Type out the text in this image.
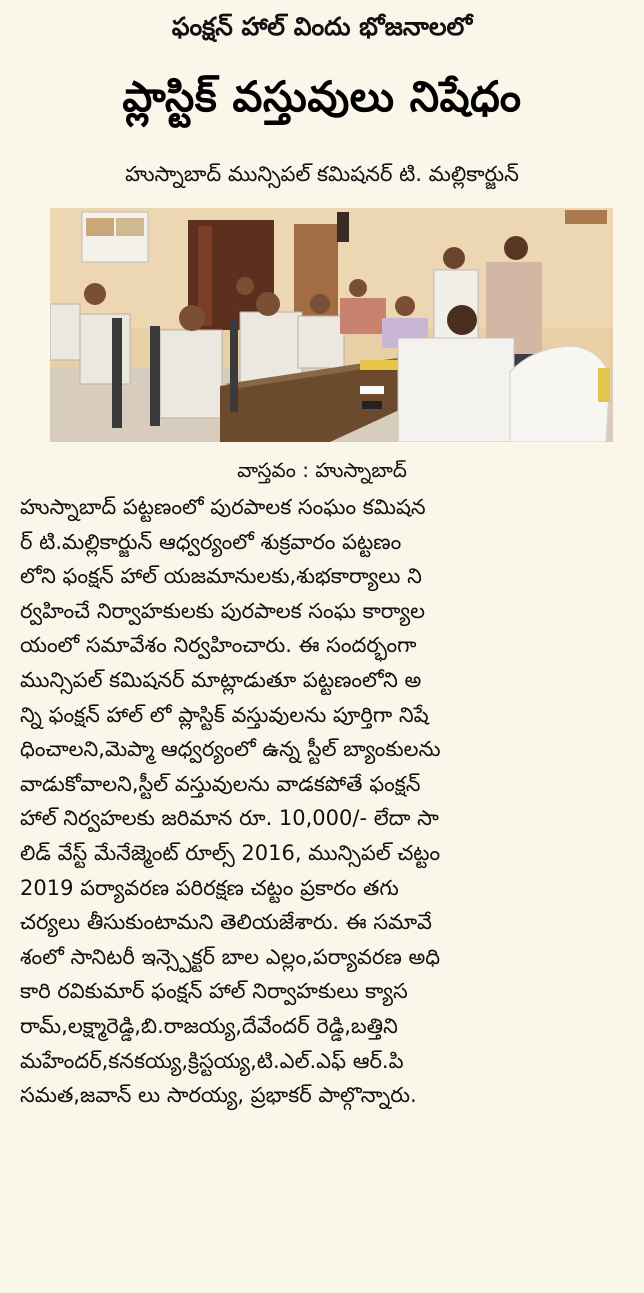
ఫంక్షన్ హాల్ విందు భోజనాలలో
ప్లాస్టిక్ వస్తువులు నిషేధం
హుస్నాబాద్ మున్సిపల్ కమిషనర్ టి. మల్లికార్జున్
వాస్తవం : హుస్నాబాద్
హుస్నాబాద్ పట్టణంలో పురపాలక సంఘం కమిషన
ర్ టి.మల్లికార్జున్ ఆధ్వర్యంలో శుక్రవారం పట్టణం
లోని ఫంక్షన్ హాల్ యజమానులకు,శుభకార్యాలు ని
ర్వహించే నిర్వాహకులకు పురపాలక సంఘ కార్యాల
యంలో సమావేశం నిర్వహించారు. ఈ సందర్భంగా
మున్సిపల్ కమిషనర్ మాట్లాడుతూ పట్టణంలోని అ
న్ని ఫంక్షన్ హాల్ లో ప్లాస్టిక్ వస్తువులను పూర్తిగా నిషే
ధించాలని,మెప్మా ఆధ్వర్యంలో ఉన్న స్టీల్ బ్యాంకులను
వాడుకోవాలని,స్టీల్ వస్తువులను వాడకపోతే ఫంక్షన్
హాల్ నిర్వహలకు జరిమాన రూ. 10,000/- లేదా సా
లిడ్ వేస్ట్ మేనేజ్మెంట్ రూల్స్ 2016, మున్సిపల్ చట్టం
2019 పర్యావరణ పరిరక్షణ చట్టం ప్రకారం తగు
చర్యలు తీసుకుంటామని తెలియజేశారు. ఈ సమావే
శంలో సానిటరీ ఇన్స్పెక్టర్ బాల ఎల్లం,పర్యావరణ అధి
కారి రవికుమార్ ఫంక్షన్ హాల్ నిర్వాహకులు క్యాస
రామ్,లక్ష్మారెడ్డి,బి.రాజయ్య,దేవేందర్ రెడ్డి,బత్తిని
మహేందర్,కనకయ్య,క్రిస్టయ్య,టి.ఎల్.ఎఫ్ ఆర్.పి
సమత,జవాన్ లు సారయ్య, ప్రభాకర్ పాల్గొన్నారు.
